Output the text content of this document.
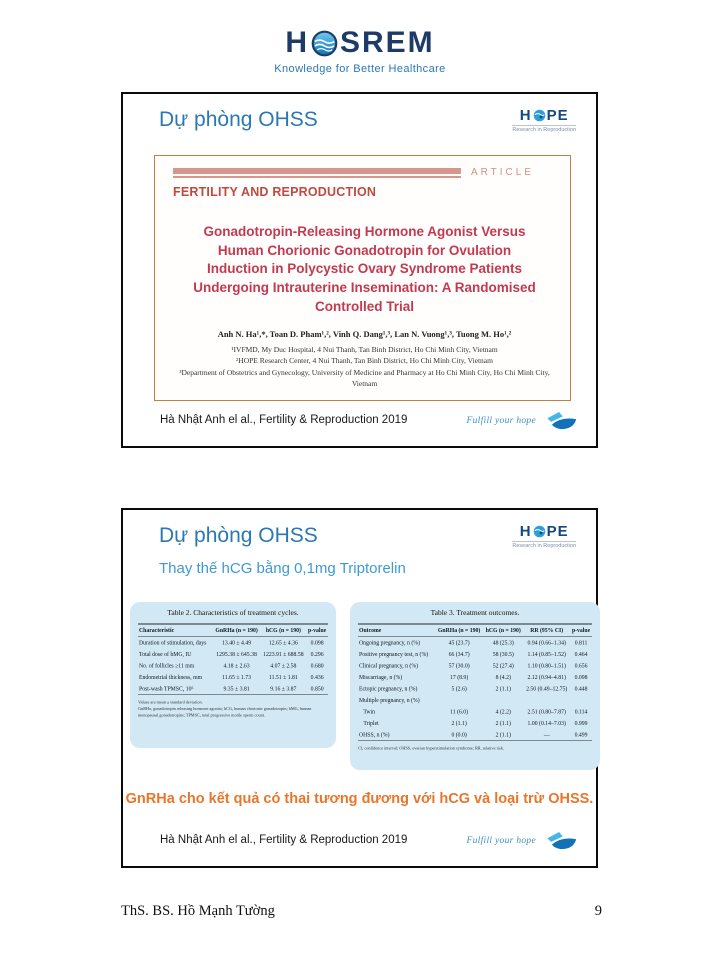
H SREM
Knowledge for Better Healthcare
Dự phòng OHSS	H PE
Research in Reproduction
ARTICLE
FERTILITY AND REPRODUCTION
Gonadotropin-Releasing Hormone Agonist Versus Human Chorionic Gonadotropin for Ovulation Induction in Polycystic Ovary Syndrome Patients Undergoing Intrauterine Insemination: A Randomised Controlled Trial
Anh N. Ha¹,*, Toan D. Pham¹,², Vinh Q. Dang¹,³, Lan N. Vuong¹,³, Tuong M. Ho¹,²
¹IVFMD, My Duc Hospital, 4 Nui Thanh, Tan Binh District, Ho Chi Minh City, Vietnam
²HOPE Research Center, 4 Nui Thanh, Tan Binh District, Ho Chi Minh City, Vietnam
³Department of Obstetrics and Gynecology, University of Medicine and Pharmacy at Ho Chi Minh City, Ho Chi Minh City, Vietnam
Hà Nhật Anh el al., Fertility & Reproduction 2019	Fulfill your hope
Dự phòng OHSS
Thay thế hCG bằng 0,1mg Triptorelin
H PE
Research in Reproduction
Table 2. Characteristics of treatment cycles.
Characteristic	GnRHa (n = 190)	hCG (n = 190)	p-value
Duration of stimulation, days	13.40 ± 4.49	12.65 ± 4.36	0.098
Total dose of hMG, IU	1295.38 ± 645.38	1223.91 ± 688.58	0.296
No. of follicles ≥11 mm	4.18 ± 2.63	4.07 ± 2.58	0.680
Endometrial thickness, mm	11.65 ± 1.73	11.51 ± 1.81	0.436
Post-wash TPMSC, 10⁶	9.35 ± 3.81	9.16 ± 3.87	0.850
Values are mean ± standard deviation.
GnRHa, gonadotropin releasing hormone agonist; hCG, human chorionic gonadotropin; hMG, human menopausal gonadotropins; TPMSC, total progressive motile sperm count.
Table 3. Treatment outcomes.
Outcome	GnRHa (n = 190)	hCG (n = 190)	RR (95% CI)	p-value
Ongoing pregnancy, n (%)	45 (23.7)	48 (25.3)	0.94 (0.66–1.34)	0.811
Positive pregnancy test, n (%)	66 (34.7)	58 (30.5)	1.14 (0.85–1.52)	0.464
Clinical pregnancy, n (%)	57 (30.0)	52 (27.4)	1.10 (0.80–1.51)	0.656
Miscarriage, n (%)	17 (8.9)	8 (4.2)	2.12 (0.94–4.81)	0.098
Ectopic pregnancy, n (%)	5 (2.6)	2 (1.1)	2.50 (0.49–12.75)	0.448
Multiple pregnancy, n (%)				
Twin	11 (6.0)	4 (2.2)	2.51 (0.80–7.87)	0.114
Triplet	2 (1.1)	2 (1.1)	1.00 (0.14–7.03)	0.999
OHSS, n (%)	0 (0.0)	2 (1.1)	—	0.499
CI, confidence interval; OHSS, ovarian hyperstimulation syndrome; RR, relative risk.
GnRHa cho kết quả có thai tương đương với hCG và loại trừ OHSS.
Hà Nhật Anh el al., Fertility & Reproduction 2019	Fulfill your hope
ThS. BS. Hồ Mạnh Tường	9
